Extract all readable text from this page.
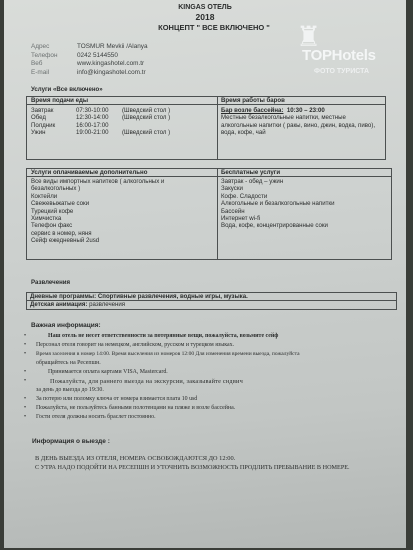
KINGAS ОТЕЛЬ
2018
КОНЦЕПТ " ВСЕ ВКЛЮЧЕНО "
Адрес	TOSMUR Mevkii /Alanya
Телефон	0242 5144550
Веб	www.kingashotel.com.tr
E-mail	info@kingashotel.com.tr
♜
TOPHotels
ФОТО ТУРИСТА
Услуги «Все включено»
Время подачи еды	Время работы баров
Завтрак	07:30-10:00 (Шведский стол )
Обед	12:30-14:00 (Шведский стол )
Полдник	16:00-17:00
Ужин	19:00-21:00 (Шведский стол )
Бар возле бассейна: 10:30 – 23:00
Местные безалкогольные напитки, местные
алкогольные напитки ( ракы, вино, джин, водка, пиво),
вода, кофе, чай
Услуги оплачиваемые дополнительно	Бесплатные услуги
Все виды импортных напитков ( алкогольных и
безалкогольных )
Коктейли
Свежевыжатые соки
Турецкий кофе
Химчистка
Телефон факс
сервис в номер, няня
Сейф ежедневный 2usd
Завтрак - обед – ужин
Закуски
Кофе. Сладости
Алкогольные и безалкогольные напитки
Бассейн
Интернет wi-fi
Вода, кофе, концентрированные соки
Развлечения
Дневные программы: Спортивные развлечения, водные игры, музыка.
Детская анимация: развлечения
Важная информация:
•	Наш отель не несет ответственности за потерянные вещи, пожалуйста, возьмите сейф
• Персонал отеля говорит на немецком, английском, русском и турецком языках.
• Время заселения в номер 14:00. Время выселения из номеров 12:00 Для изменения времени выезда, пожалуйста
обращайтесь на Ресепшн.
•	Принимается оплата картами VISA, Mastercard.
•	Пожалуйста, для раннего выезда на экскурсии, заказывайте сндвич
за день до выезда до 19:30.
• За потерю или поломку ключа от номера взимается плата 10 usd
• Пожалуйста, не пользуйтесь банными полотенцами на пляже и возле бассейна.
• Гости отеля должны носить браслет постоянно.
Информация о выезде :
В ДЕНЬ ВЫЕЗДА ИЗ ОТЕЛЯ, НОМЕРА ОСВОБОЖДАЮТСЯ ДО 12:00.
С УТРА НАДО ПОДОЙТИ НА РЕСЕПШН И УТОЧНИТЬ ВОЗМОЖНОСТЬ ПРОДЛИТЬ ПРЕБЫВАНИЕ В НОМЕРЕ.
